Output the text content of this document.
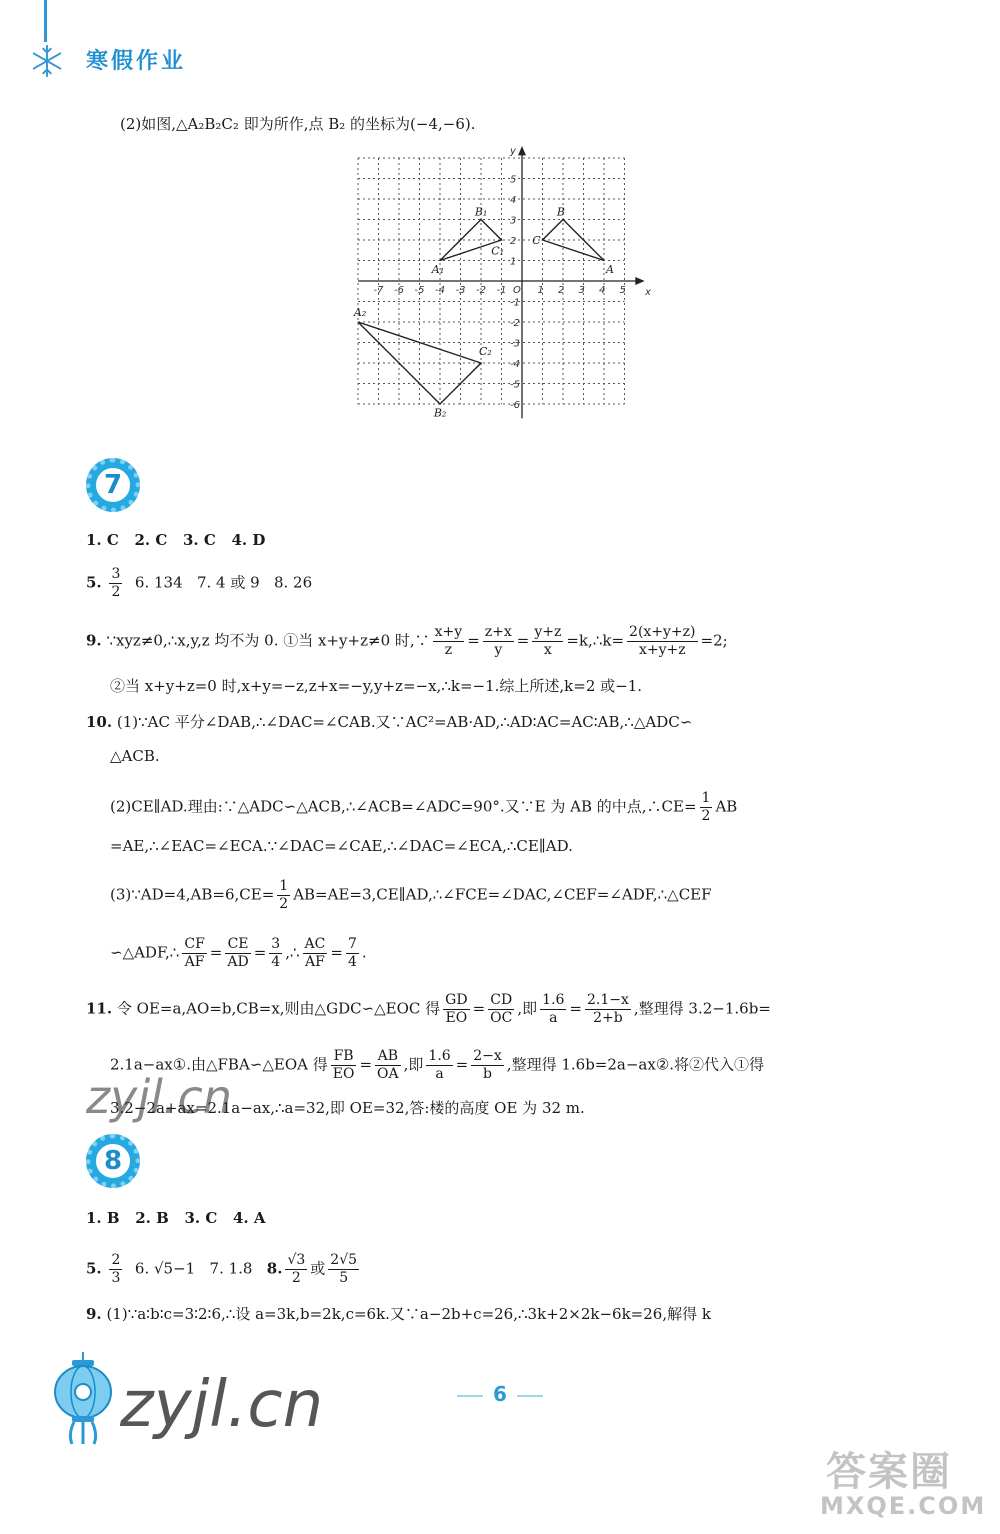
寒假作业
(2)如图,△A₂B₂C₂ 即为所作,点 B₂ 的坐标为(−4,−6).
-7 -6 -5 -4 -3 -2 -1 O 1 2 3 4 5
5
4
3
2
1
-1
-2
-3
-4
-5
-6
x
y
A
B
C
A₁
B₁
C₁
A₂
B₂
C₂
7
1. C 2. C 3. C 4. D
5. $\frac{3}{2} 6$. 134 7. 4 或 9 8. 26
9. ∵xyz≠0,∴x,y,z 均不为 0. ①当 x+y+z≠0 时,∵ $\frac{x+y}{z} = \frac{z+x}{y} = \frac{y+z}{x}$ =k,∴k= $\frac{2(x+y+z)}{x+y+z} =2$;
②当 x+y+z=0 时,x+y=−z,z+x=−y,y+z=−x,∴k=−1.综上所述,k=2 或−1.
10. (1)∵AC 平分∠DAB,∴∠DAC=∠CAB.又∵AC²=AB·AD,∴AD∶AC=AC∶AB,∴△ADC∽
△ACB.
(2)CE∥AD.理由:∵△ADC∽△ACB,∴∠ACB=∠ADC=90°.又∵E 为 AB 的中点,∴CE= $\frac{1}{2}$ AB
=AE,∴∠EAC=∠ECA.∵∠DAC=∠CAE,∴∠DAC=∠ECA,∴CE∥AD.
(3)∵AD=4,AB=6,CE= $\frac{1}{2}$ AB=AE=3,CE∥AD,∴∠FCE=∠DAC,∠CEF=∠ADF,∴△CEF
∽△ADF,∴ $\frac{CF}{AF} = \frac{CE}{AD} = \frac{3}{4}$ ,∴ $\frac{AC}{AF} = \frac{7}{4}$ .
11. 令 OE=a,AO=b,CB=x,则由△GDC∽△EOC 得 $\frac{GD}{EO} = \frac{CD}{OC}$ ,即 $\frac{1.6}{a} = \frac{2.1-x}{2+b}$ ,整理得 3.2−1.6b=
2.1a−ax①.由△FBA∽△EOA 得 $\frac{FB}{EO} = \frac{AB}{OA}$ ,即 $\frac{1.6}{a} = \frac{2-x}{b}$ ,整理得 1.6b=2a−ax②.将②代入①得
3.2−2a+ax=2.1a−ax,∴a=32,即 OE=32,答:楼的高度 OE 为 32 m.
zyjl.cn
8
1. B 2. B 3. C 4. A
5. $\frac{2}{3} 6$. √5−1 7. 1.8 8. $\frac{√3}{2}$ 或 $\frac{2√5}{5}$
9. (1)∵a∶b∶c=3∶2∶6,∴设 a=3k,b=2k,c=6k.又∵a−2b+c=26,∴3k+2×2k−6k=26,解得 k
zyjl.cn	6
答案圈
MXQE.COM
